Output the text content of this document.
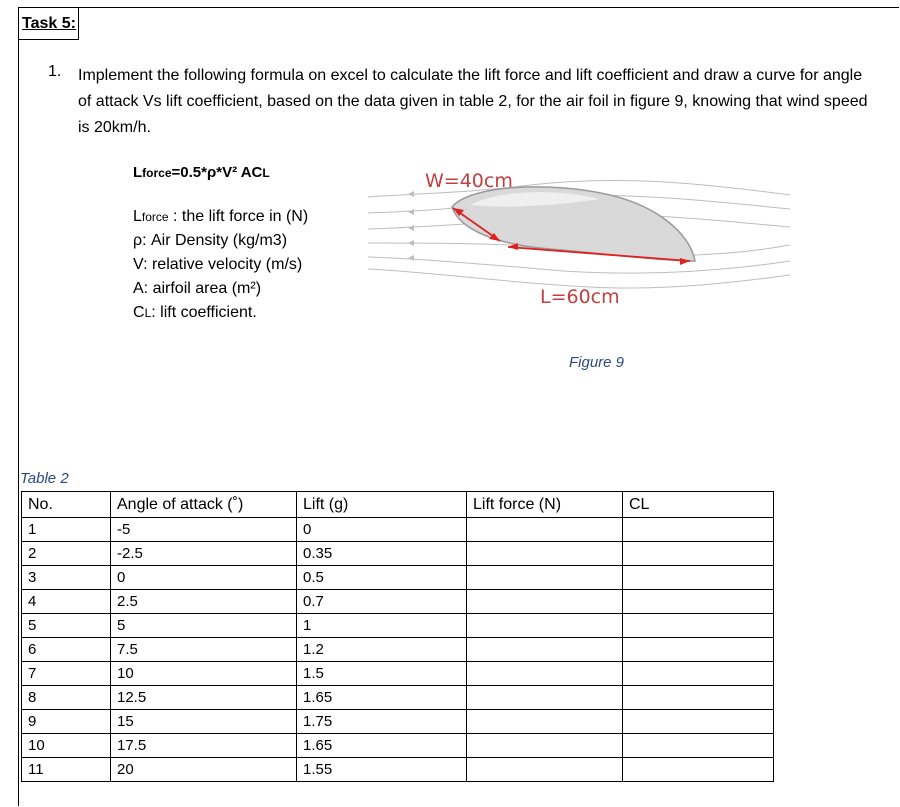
Task 5:
1. Implement the following formula on excel to calculate the lift force and lift coefficient and draw a curve for angle of attack Vs lift coefficient, based on the data given in table 2, for the air foil in figure 9, knowing that wind speed is 20km/h.
Lforce=0.5*ρ*V² ACL
Lforce : the lift force in (N)
ρ: Air Density (kg/m3)
V: relative velocity (m/s)
A: airfoil area (m²)
CL: lift coefficient.
W=40cm
L=60cm
Figure 9
Table 2
No.	Angle of attack (˚)	Lift (g)	Lift force (N)	CL
1	-5	0		
2	-2.5	0.35		
3	0	0.5		
4	2.5	0.7		
5	5	1		
6	7.5	1.2		
7	10	1.5		
8	12.5	1.65		
9	15	1.75		
10	17.5	1.65		
11	20	1.55		
